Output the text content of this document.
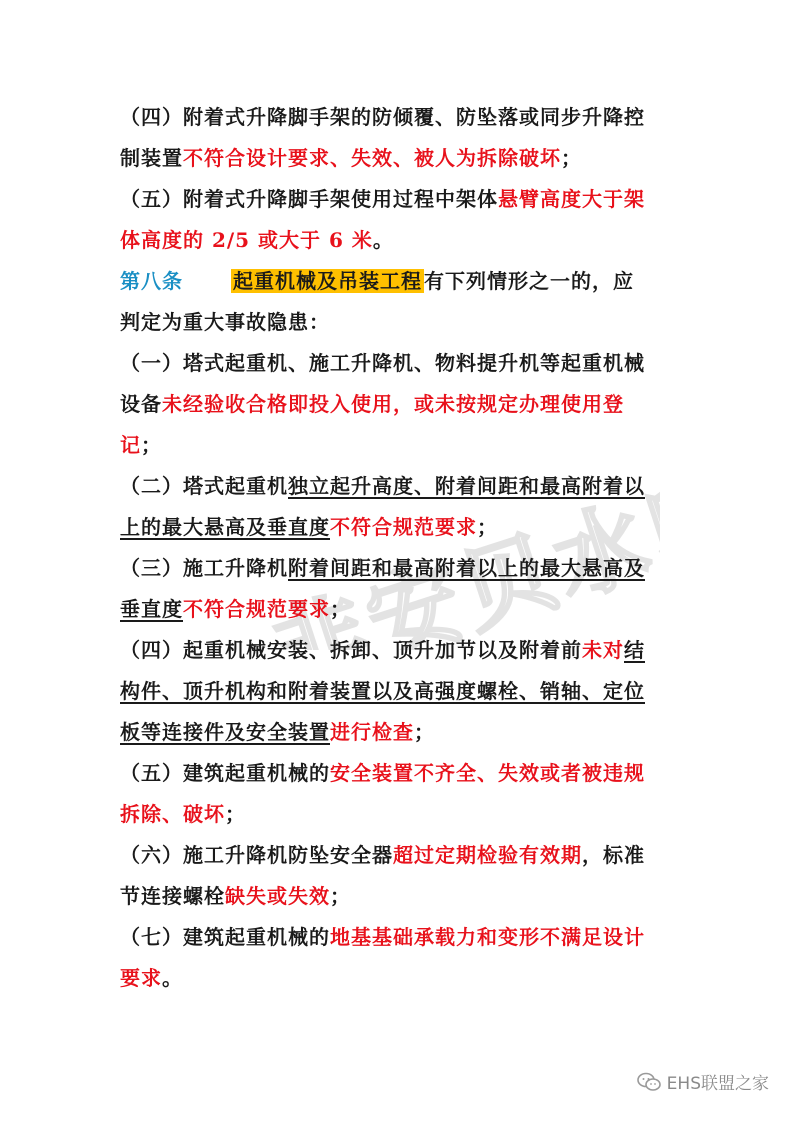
非安贝水印

（四）附着式升降脚手架的防倾覆、防坠落或同步升降控

制装置不符合设计要求、失效、被人为拆除破坏；

（五）附着式升降脚手架使用过程中架体悬臂高度大于架

体高度的 2/5 或大于 6 米。

第八条	起重机械及吊装工程 有下列情形之一的，应

判定为重大事故隐患：

（一）塔式起重机、施工升降机、物料提升机等起重机械

设备未经验收合格即投入使用，或未按规定办理使用登

记；

（二）塔式起重机独立起升高度、附着间距和最高附着以

上的最大悬高及垂直度不符合规范要求；

（三）施工升降机附着间距和最高附着以上的最大悬高及

垂直度不符合规范要求；

（四）起重机械安装、拆卸、顶升加节以及附着前未对结

构件、顶升机构和附着装置以及高强度螺栓、销轴、定位

板等连接件及安全装置进行检查；

（五）建筑起重机械的安全装置不齐全、失效或者被违规

拆除、破坏；

（六）施工升降机防坠安全器超过定期检验有效期，标准

节连接螺栓缺失或失效；

（七）建筑起重机械的地基基础承载力和变形不满足设计

要求。

EHS联盟之家
